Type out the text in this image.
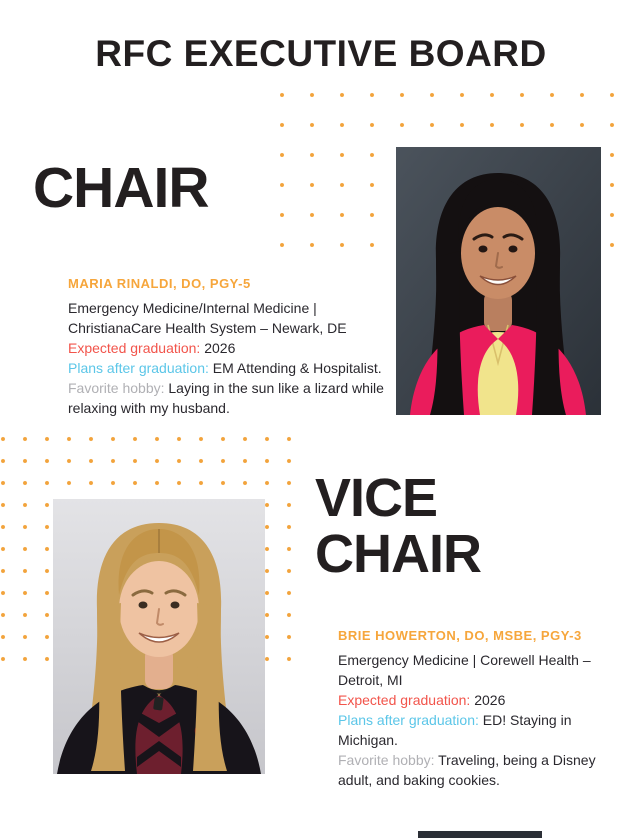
RFC EXECUTIVE BOARD
CHAIR
MARIA RINALDI, DO, PGY-5
Emergency Medicine/Internal Medicine | ChristianaCare Health System – Newark, DE
Expected graduation: 2026
Plans after graduation: EM Attending & Hospitalist.
Favorite hobby: Laying in the sun like a lizard while relaxing with my husband.
VICE CHAIR
BRIE HOWERTON, DO, MSBE, PGY-3
Emergency Medicine | Corewell Health – Detroit, MI
Expected graduation: 2026
Plans after graduation: ED! Staying in Michigan.
Favorite hobby: Traveling, being a Disney adult, and baking cookies.
